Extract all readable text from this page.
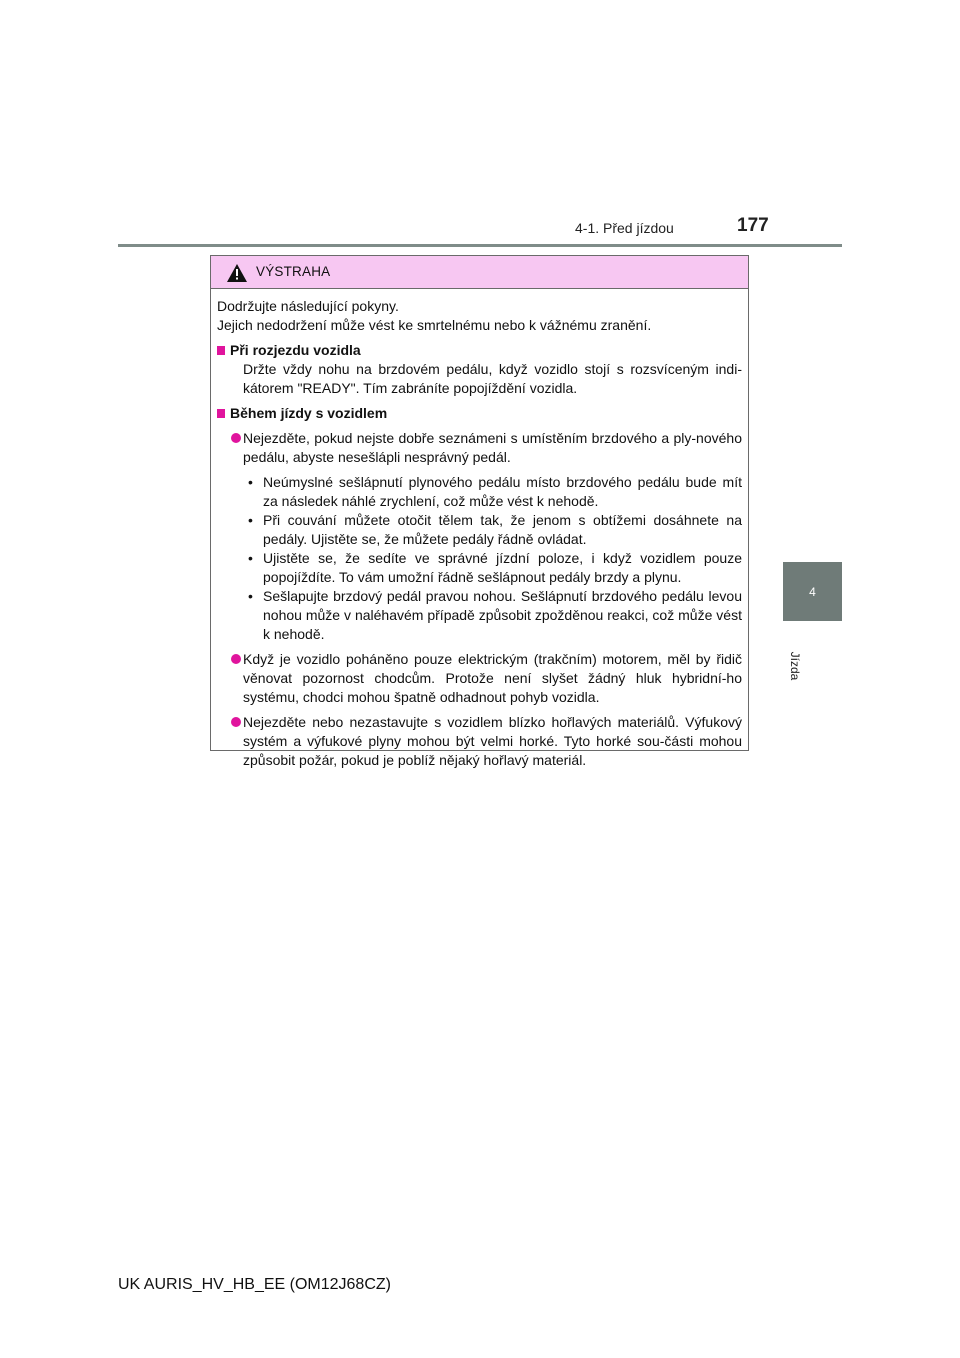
4-1. Před jízdou	177
4
Jízda
VÝSTRAHA
Dodržujte následující pokyny.
Jejich nedodržení může vést ke smrtelnému nebo k vážnému zranění.
Při rozjezdu vozidla
Držte vždy nohu na brzdovém pedálu, když vozidlo stojí s rozsvíceným indi-kátorem "READY". Tím zabráníte popojíždění vozidla.
Během jízdy s vozidlem
Nejezděte, pokud nejste dobře seznámeni s umístěním brzdového a ply-nového pedálu, abyste nesešlápli nesprávný pedál.
• Neúmyslné sešlápnutí plynového pedálu místo brzdového pedálu bude mít za následek náhlé zrychlení, což může vést k nehodě.
• Při couvání můžete otočit tělem tak, že jenom s obtížemi dosáhnete na pedály. Ujistěte se, že můžete pedály řádně ovládat.
• Ujistěte se, že sedíte ve správné jízdní poloze, i když vozidlem pouze popojíždíte. To vám umožní řádně sešlápnout pedály brzdy a plynu.
• Sešlapujte brzdový pedál pravou nohou. Sešlápnutí brzdového pedálu levou nohou může v naléhavém případě způsobit zpožděnou reakci, což může vést k nehodě.
Když je vozidlo poháněno pouze elektrickým (trakčním) motorem, měl by řidič věnovat pozornost chodcům. Protože není slyšet žádný hluk hybridní-ho systému, chodci mohou špatně odhadnout pohyb vozidla.
Nejezděte nebo nezastavujte s vozidlem blízko hořlavých materiálů. Výfukový systém a výfukové plyny mohou být velmi horké. Tyto horké sou-části mohou způsobit požár, pokud je poblíž nějaký hořlavý materiál.
UK AURIS_HV_HB_EE (OM12J68CZ)
